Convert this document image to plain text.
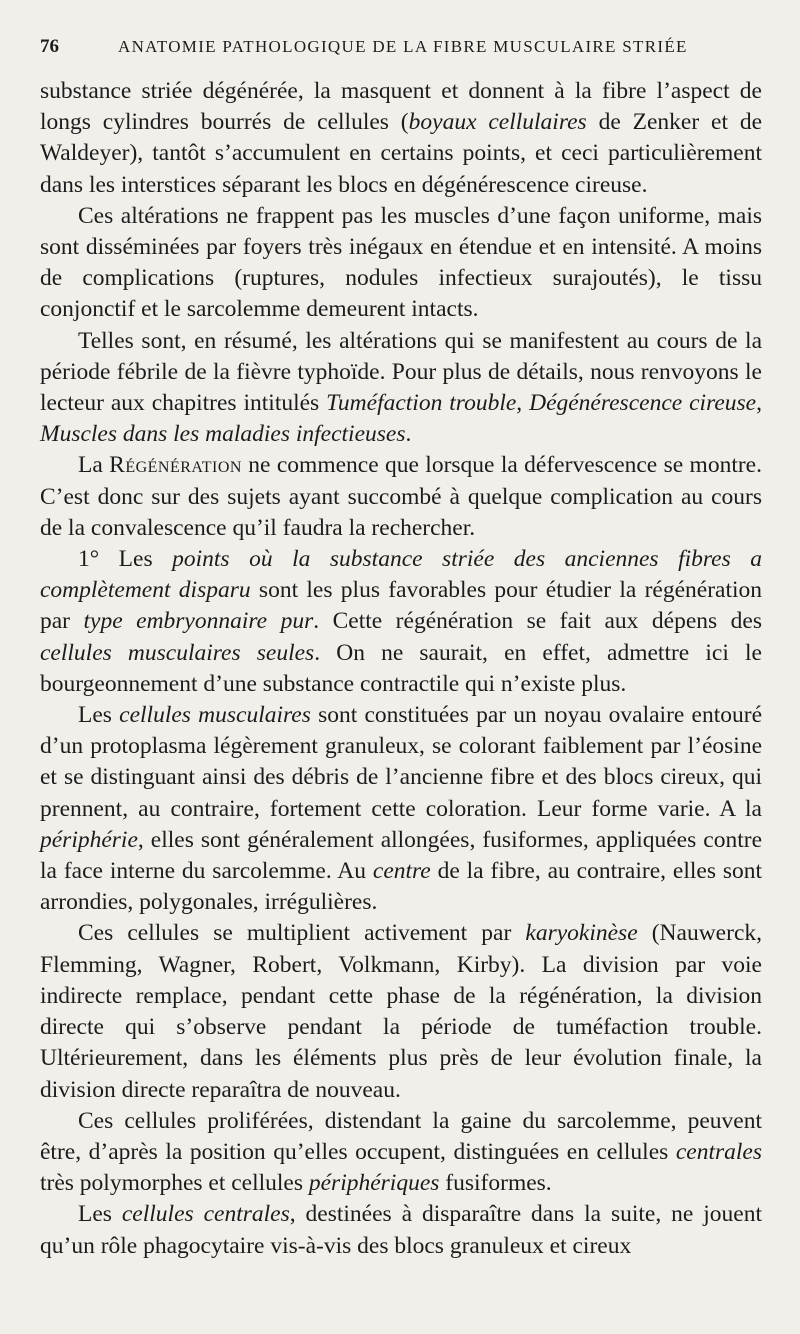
76	ANATOMIE PATHOLOGIQUE DE LA FIBRE MUSCULAIRE STRIÉE

substance striée dégénérée, la masquent et donnent à la fibre l’aspect de longs cylindres bourrés de cellules (boyaux cellulaires de Zenker et de Waldeyer), tantôt s’accumulent en certains points, et ceci particulièrement dans les interstices séparant les blocs en dégénérescence cireuse.

Ces altérations ne frappent pas les muscles d’une façon uniforme, mais sont disséminées par foyers très inégaux en étendue et en intensité. A moins de complications (ruptures, nodules infectieux surajoutés), le tissu conjonctif et le sarcolemme demeurent intacts.

Telles sont, en résumé, les altérations qui se manifestent au cours de la période fébrile de la fièvre typhoïde. Pour plus de détails, nous renvoyons le lecteur aux chapitres intitulés Tuméfaction trouble, Dégénérescence cireuse, Muscles dans les maladies infectieuses.

La Régénération ne commence que lorsque la défervescence se montre. C’est donc sur des sujets ayant succombé à quelque complication au cours de la convalescence qu’il faudra la rechercher.

1° Les points où la substance striée des anciennes fibres a complètement disparu sont les plus favorables pour étudier la régénération par type embryonnaire pur. Cette régénération se fait aux dépens des cellules musculaires seules. On ne saurait, en effet, admettre ici le bourgeonnement d’une substance contractile qui n’existe plus.

Les cellules musculaires sont constituées par un noyau ovalaire entouré d’un protoplasma légèrement granuleux, se colorant faiblement par l’éosine et se distinguant ainsi des débris de l’ancienne fibre et des blocs cireux, qui prennent, au contraire, fortement cette coloration. Leur forme varie. A la périphérie, elles sont généralement allongées, fusiformes, appliquées contre la face interne du sarcolemme. Au centre de la fibre, au contraire, elles sont arrondies, polygonales, irrégulières.

Ces cellules se multiplient activement par karyokinèse (Nauwerck, Flemming, Wagner, Robert, Volkmann, Kirby). La division par voie indirecte remplace, pendant cette phase de la régénération, la division directe qui s’observe pendant la période de tuméfaction trouble. Ultérieurement, dans les éléments plus près de leur évolution finale, la division directe reparaîtra de nouveau.

Ces cellules proliférées, distendant la gaine du sarcolemme, peuvent être, d’après la position qu’elles occupent, distinguées en cellules centrales très polymorphes et cellules périphériques fusiformes.

Les cellules centrales, destinées à disparaître dans la suite, ne jouent qu’un rôle phagocytaire vis-à-vis des blocs granuleux et cireux
